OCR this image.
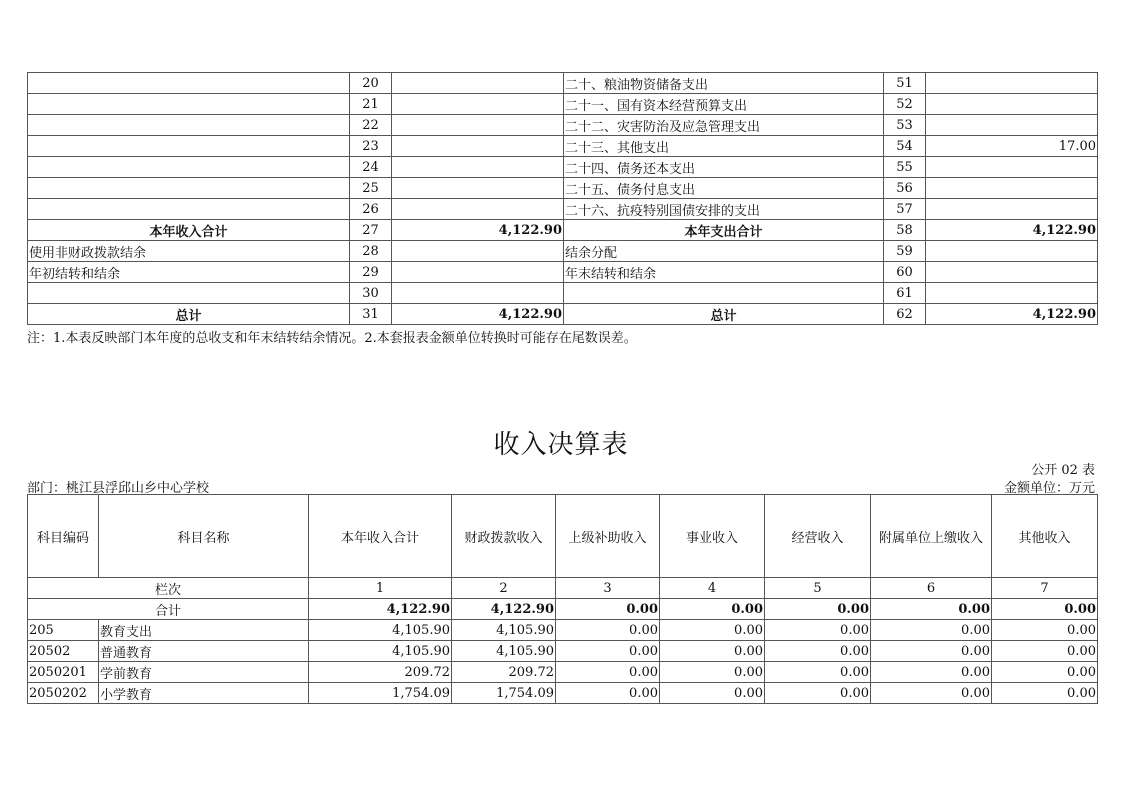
	20		二十、粮油物资储备支出	51	
	21		二十一、国有资本经营预算支出	52	
	22		二十二、灾害防治及应急管理支出	53	
	23		二十三、其他支出	54	17.00
	24		二十四、债务还本支出	55	
	25		二十五、债务付息支出	56	
	26		二十六、抗疫特别国债安排的支出	57	
本年收入合计	27	4,122.90	本年支出合计	58	4,122.90
使用非财政拨款结余	28		结余分配	59	
年初结转和结余	29		年末结转和结余	60	
	30			61	
总计	31	4,122.90	总计	62	4,122.90
注：1.本表反映部门本年度的总收支和年末结转结余情况。2.本套报表金额单位转换时可能存在尾数误差。
收入决算表
公开 02 表
部门：桃江县浮邱山乡中心学校	金额单位：万元
科目编码	科目名称	本年收入合计	财政拨款收入	上级补助收入	事业收入	经营收入	附属单位上缴收入	其他收入
栏次		1	2	3	4	5	6	7
合计		4,122.90	4,122.90	0.00	0.00	0.00	0.00	0.00
205	教育支出	4,105.90	4,105.90	0.00	0.00	0.00	0.00	0.00
20502	普通教育	4,105.90	4,105.90	0.00	0.00	0.00	0.00	0.00
2050201	学前教育	209.72	209.72	0.00	0.00	0.00	0.00	0.00
2050202	小学教育	1,754.09	1,754.09	0.00	0.00	0.00	0.00	0.00
